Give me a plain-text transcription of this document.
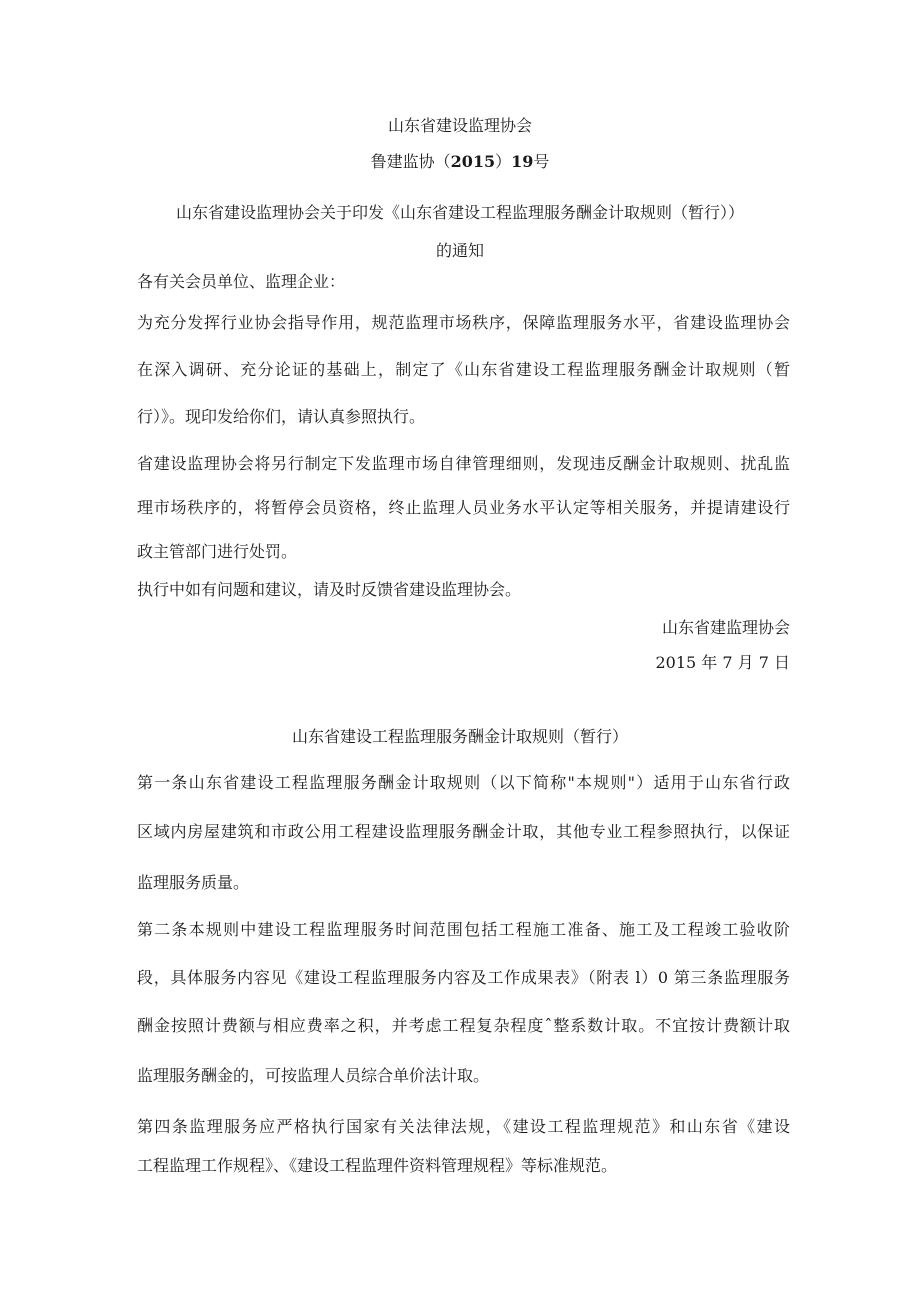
山东省建设监理协会
鲁建监协（2015）19号
山东省建设监理协会关于印发《山东省建设工程监理服务酬金计取规则（暂行））
的通知
各有关会员单位、监理企业：
为充分发挥行业协会指导作用，规范监理市场秩序，保障监理服务水平，省建设监理协会
在深入调研、充分论证的基础上，制定了《山东省建设工程监理服务酬金计取规则（暂
行）》。现印发给你们，请认真参照执行。
省建设监理协会将另行制定下发监理市场自律管理细则，发现违反酬金计取规则、扰乱监
理市场秩序的，将暂停会员资格，终止监理人员业务水平认定等相关服务，并提请建设行
政主管部门进行处罚。
执行中如有问题和建议，请及时反馈省建设监理协会。
山东省建监理协会
2015 年 7 月 7 日
山东省建设工程监理服务酬金计取规则（暂行）
第一条山东省建设工程监理服务酬金计取规则（以下简称"本规则"）适用于山东省行政
区域内房屋建筑和市政公用工程建设监理服务酬金计取，其他专业工程参照执行，以保证
监理服务质量。
第二条本规则中建设工程监理服务时间范围包括工程施工准备、施工及工程竣工验收阶
段，具体服务内容见《建设工程监理服务内容及工作成果表》（附表 l）0 第三条监理服务
酬金按照计费额与相应费率之积，并考虑工程复杂程度ˆ整系数计取。不宜按计费额计取
监理服务酬金的，可按监理人员综合单价法计取。
第四条监理服务应严格执行国家有关法律法规，《建设工程监理规范》和山东省《建设
工程监理工作规程》、《建设工程监理件资料管理规程》等标准规范。
